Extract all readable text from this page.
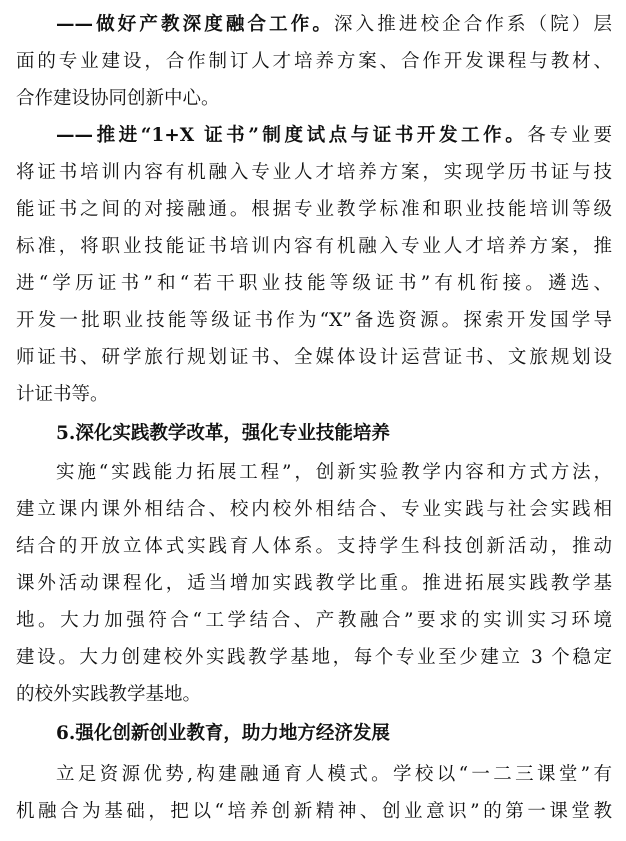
——做好产教深度融合工作。深入推进校企合作系（院）层
面的专业建设，合作制订人才培养方案、合作开发课程与教材、
合作建设协同创新中心。
——推进“1+X 证书”制度试点与证书开发工作。各专业要
将证书培训内容有机融入专业人才培养方案，实现学历书证与技
能证书之间的对接融通。根据专业教学标准和职业技能培训等级
标准，将职业技能证书培训内容有机融入专业人才培养方案，推
进“学历证书”和“若干职业技能等级证书”有机衔接。遴选、
开发一批职业技能等级证书作为“X”备选资源。探索开发国学导
师证书、研学旅行规划证书、全媒体设计运营证书、文旅规划设
计证书等。
5.深化实践教学改革，强化专业技能培养
实施“实践能力拓展工程”，创新实验教学内容和方式方法，
建立课内课外相结合、校内校外相结合、专业实践与社会实践相
结合的开放立体式实践育人体系。支持学生科技创新活动，推动
课外活动课程化，适当增加实践教学比重。推进拓展实践教学基
地。大力加强符合“工学结合、产教融合”要求的实训实习环境
建设。大力创建校外实践教学基地，每个专业至少建立 3 个稳定
的校外实践教学基地。
6.强化创新创业教育，助力地方经济发展
立足资源优势,构建融通育人模式。学校以“一二三课堂”有
机融合为基础，把以“培养创新精神、创业意识”的第一课堂教
